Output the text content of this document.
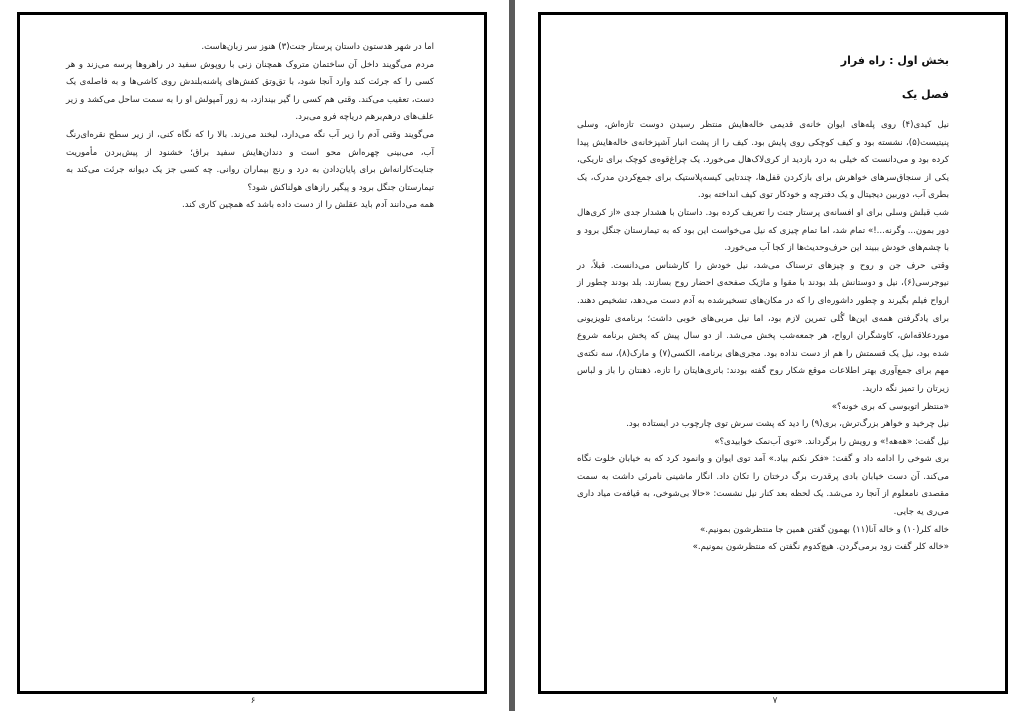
اما در شهر هدستون داستان پرستار جنت(۳) هنوز سر زبان‌هاست.

مردم می‌گویند داخل آن ساختمان متروک همچنان زنی با روپوش سفید در راهروها پرسه می‌زند و هر کسی را که جرئت کند وارد آنجا شود، با تق‌وتق کفش‌های پاشنه‌بلندش روی کاشی‌ها و به فاصله‌ی یک دست، تعقیب می‌کند. وقتی هم کسی را گیر بیندازد، به زور آمپولش او را به سمت ساحل می‌کشد و زیر علف‌های درهم‌برهم دریاچه فرو می‌برد.

می‌گویند وقتی آدم را زیر آب نگه می‌دارد، لبخند می‌زند. بالا را که نگاه کنی، از زیر سطح نقره‌ای‌رنگ آب، می‌بینی چهره‌اش محو است و دندان‌هایش سفید براق؛ خشنود از پیش‌بردن مأموریت جنایت‌کارانه‌اش برای پایان‌دادن به درد و رنج بیماران روانی. چه کسی جز یک دیوانه جرئت می‌کند به تیمارستان جنگل برود و پیگیر رازهای هولناکش شود؟

همه می‌دانند آدم باید عقلش را از دست داده باشد که همچین کاری کند.

بخش اول : راه فرار
فصل یک

نیل کیدی(۴) روی پله‌های ایوان خانه‌ی قدیمی خاله‌هایش منتظر رسیدن دوست تازه‌اش، وسلی پنیتیست(۵)، نشسته بود و کیف کوچکی روی پایش بود. کیف را از پشت انبار آشپزخانه‌ی خاله‌هایش پیدا کرده بود و می‌دانست که خیلی به درد بازدید از کری‌لاک‌هال می‌خورد. یک چراغ‌قوه‌ی کوچک برای تاریکی، یکی از سنجاق‌سرهای خواهرش برای بازکردن قفل‌ها، چندتایی کیسه‌پلاستیک برای جمع‌کردن مدرک، یک بطری آب، دوربین دیجیتال و یک دفترچه و خودکار توی کیف انداخته بود.

شب قبلش وسلی برای او افسانه‌ی پرستار جنت را تعریف کرده بود. داستان با هشدار جدی «از کری‌هال دور بمون... وگرنه...!» تمام شد، اما تمام چیزی که نیل می‌خواست این بود که به تیمارستان جنگل برود و با چشم‌های خودش ببیند این حرف‌وحدیث‌ها از کجا آب می‌خورد.

وقتی حرف جن و روح و چیزهای ترسناک می‌شد، نیل خودش را کارشناس می‌دانست. قبلاً، در نیوجرسی(۶)، نیل و دوستانش بلد بودند با مقوا و ماژیک صفحه‌ی احضار روح بسازند. بلد بودند چطور از ارواح فیلم بگیرند و چطور داشوره‌ای را که در مکان‌های تسخیرشده به آدم دست می‌دهد، تشخیص دهند. برای یادگرفتن همه‌ی این‌ها گُلی تمرین لازم بود، اما نیل مربی‌های خوبی داشت؛ برنامه‌ی تلویزیونی موردعلاقه‌اش، کاوشگران ارواح، هر جمعه‌شب پخش می‌شد. از دو سال پیش که پخش برنامه شروع شده بود، نیل یک قسمتش را هم از دست نداده بود. مجری‌های برنامه، الکسی(۷) و مارک(۸)، سه نکته‌ی مهم برای جمع‌آوری بهتر اطلاعات موقع شکار روح گفته بودند: باتری‌هایتان را تازه، ذهنتان را باز و لباس زیرتان را تمیز نگه دارید.

«منتظر اتوبوسی که بری خونه؟»

نیل چرخید و خواهر بزرگ‌ترش، بری(۹) را دید که پشت سرش توی چارچوب در ایستاده بود.

نیل گفت: «هه‌هه!» و رویش را برگرداند. «توی آب‌نمک خوابیدی؟»

بری شوخی را ادامه داد و گفت: «فکر نکنم بیاد.» آمد توی ایوان و وانمود کرد که به خیابان خلوت نگاه می‌کند. آن دست خیابان بادی پرقدرت برگ درختان را تکان داد. انگار ماشینی نامرئی داشت به سمت مقصدی نامعلوم از آنجا رد می‌شد. یک لحظه بعد کنار نیل نشست: «حالا بی‌شوخی، به قیافه‌ت میاد داری می‌ری یه جایی.

خاله کلر(۱۰) و خاله آنا(۱۱) بهمون گفتن همین جا منتظرشون بمونیم.»

«خاله کلر گفت زود برمی‌گردن. هیچ‌کدوم نگفتن که منتظرشون بمونیم.»

۶	۷
